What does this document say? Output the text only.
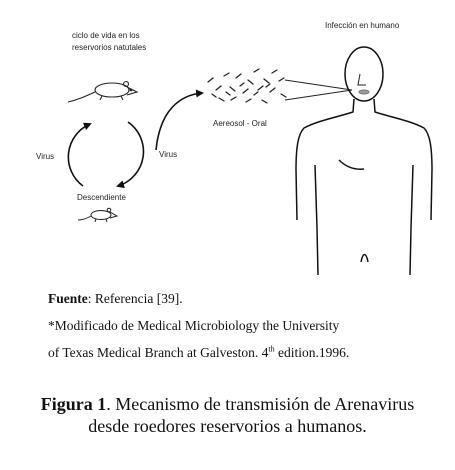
ciclo de vida en los
reservorios natutales
Virus	Virus
Descendiente
Aereosol - Oral
Infección en humano
Fuente: Referencia [39].
*Modificado de Medical Microbiology the University
of Texas Medical Branch at Galveston. 4th edition.1996.
Figura 1. Mecanismo de transmisión de Arenavirus desde roedores reservorios a humanos.
